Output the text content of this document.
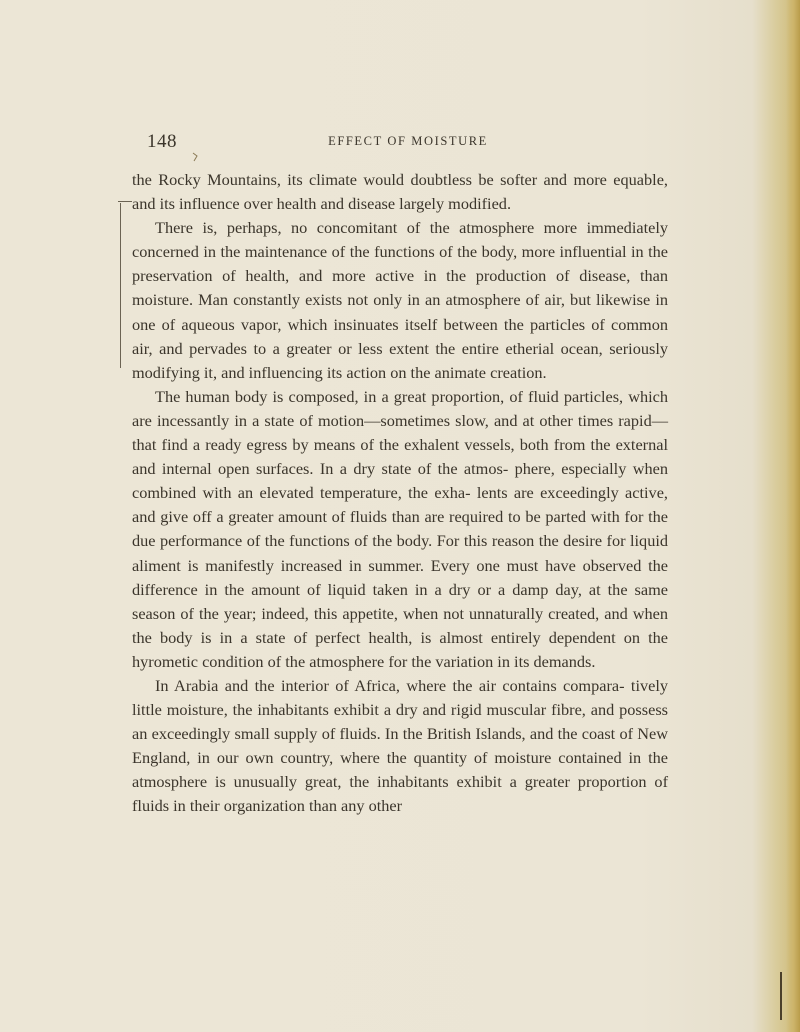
148	EFFECT OF MOISTURE

the Rocky Mountains, its climate would doubtless be softer and more equable, and its influence over health and disease largely modified.

There is, perhaps, no concomitant of the atmosphere more immediately concerned in the maintenance of the functions of the body, more influential in the preservation of health, and more active in the production of disease, than moisture. Man constantly exists not only in an atmosphere of air, but likewise in one of aqueous vapor, which insinuates itself between the particles of common air, and pervades to a greater or less extent the entire etherial ocean, seriously modifying it, and influencing its action on the animate creation.

The human body is composed, in a great proportion, of fluid particles, which are incessantly in a state of motion—sometimes slow, and at other times rapid—that find a ready egress by means of the exhalent vessels, both from the external and internal open surfaces. In a dry state of the atmos- phere, especially when combined with an elevated temperature, the exha- lents are exceedingly active, and give off a greater amount of fluids than are required to be parted with for the due performance of the functions of the body. For this reason the desire for liquid aliment is manifestly increased in summer. Every one must have observed the difference in the amount of liquid taken in a dry or a damp day, at the same season of the year; indeed, this appetite, when not unnaturally created, and when the body is in a state of perfect health, is almost entirely dependent on the hyrometic condition of the atmosphere for the variation in its demands.

In Arabia and the interior of Africa, where the air contains compara- tively little moisture, the inhabitants exhibit a dry and rigid muscular fibre, and possess an exceedingly small supply of fluids. In the British Islands, and the coast of New England, in our own country, where the quantity of moisture contained in the atmosphere is unusually great, the inhabitants exhibit a greater proportion of fluids in their organization than any other
